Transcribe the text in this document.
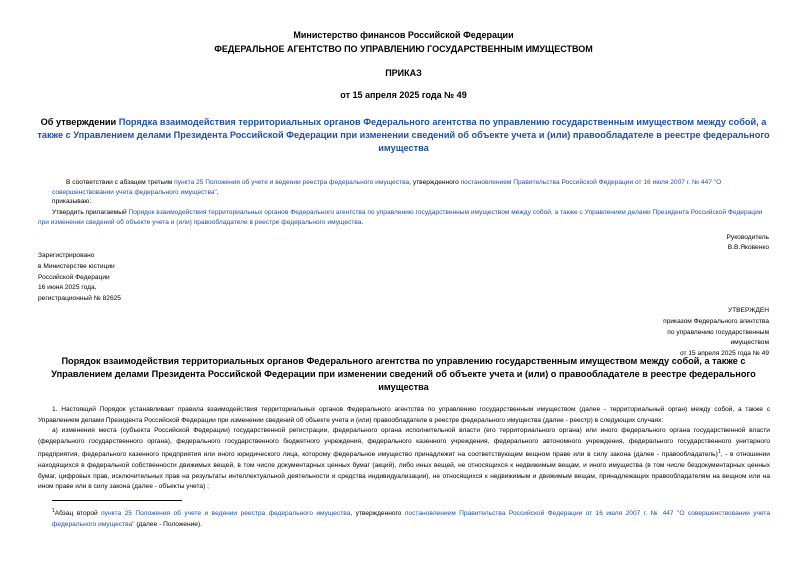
Министерство финансов Российской Федерации
ФЕДЕРАЛЬНОЕ АГЕНТСТВО ПО УПРАВЛЕНИЮ ГОСУДАРСТВЕННЫМ ИМУЩЕСТВОМ
ПРИКАЗ
от 15 апреля 2025 года № 49
Об утверждении Порядка взаимодействия территориальных органов Федерального агентства по управлению государственным имуществом между собой, а также с Управлением делами Президента Российской Федерации при изменении сведений об объекте учета и (или) правообладателе в реестре федерального имущества
В соответствии с абзацем третьим пункта 25 Положения об учете и ведении реестра федерального имущества, утвержденного постановлением Правительства Российской Федерации от 16 июля 2007 г. № 447 "О совершенствовании учета федерального имущества",
приказываю:
Утвердить прилагаемый Порядок взаимодействия территориальных органов Федерального агентства по управлению государственным имуществом между собой, а также с Управлением делами Президента Российской Федерации при изменении сведений об объекте учета и (или) правообладателе в реестре федерального имущества.
Руководитель
В.В.Яковенко
Зарегистрировано
в Министерстве юстиции
Российской Федерации
16 июня 2025 года,
регистрационный № 82625
УТВЕРЖДЕН
приказом Федерального агентства
по управлению государственным
имуществом
от 15 апреля 2025 года № 49
Порядок взаимодействия территориальных органов Федерального агентства по управлению государственным имуществом между собой, а также с Управлением делами Президента Российской Федерации при изменении сведений об объекте учета и (или) о правообладателе в реестре федерального имущества
1. Настоящий Порядок устанавливает правила взаимодействия территориальных органов Федерального агентства по управлению государственным имуществом (далее - территориальный орган) между собой, а также с Управлением делами Президента Российской Федерации при изменении сведений об объекте учета и (или) правообладателе в реестре федерального имущества (далее - реестр) в следующих случаях:
а) изменения места (субъекта Российской Федерации) государственной регистрации, федерального органа исполнительной власти (его территориального органа) или иного федерального органа государственной власти (федерального государственного органа), федерального государственного бюджетного учреждения, федерального казенного учреждения, федерального автономного учреждения, федерального государственного унитарного предприятия, федерального казенного предприятия или иного юридического лица, которому федеральное имущество принадлежит на соответствующем вещном праве или в силу закона (далее - правообладатель)$^1$, - в отношении находящихся в федеральной собственности движимых вещей, в том числе документарных ценных бумаг (акций), либо иных вещей, не относящихся к недвижимым вещам, и иного имущества (в том числе бездокументарных ценных бумаг, цифровых прав, исключительных прав на результаты интеллектуальной деятельности и средства индивидуализации), не относящихся к недвижимым и движимым вещам, принадлежащих правообладателям на вещном или на ином праве или в силу закона (далее - объекты учета) ;
$^1$Абзац второй пункта 25 Положения об учете и ведении реестра федерального имущества, утвержденного постановлением Правительства Российской Федерации от 16 июля 2007 г. № 447 "О совершенствовании учета федерального имущества" (далее - Положение).
